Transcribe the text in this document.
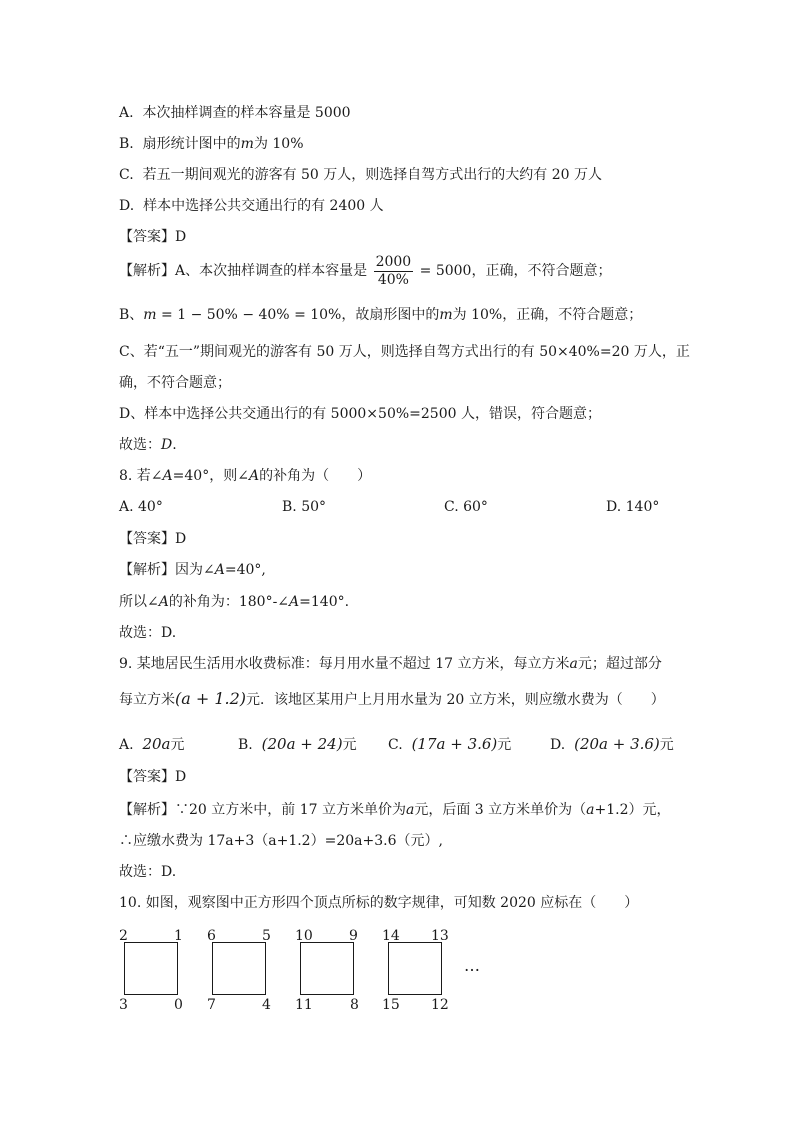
A. 本次抽样调查的样本容量是 5000
B. 扇形统计图中的m为 10%
C. 若五一期间观光的游客有 50 万人，则选择自驾方式出行的大约有 20 万人
D. 样本中选择公共交通出行的有 2400 人
【答案】D
【解析】A、本次抽样调查的样本容量是 $\frac{2000}{40\%} = 5000$，正确，不符合题意；
B、m = 1 − 50% − 40% = 10%，故扇形图中的m为 10%，正确，不符合题意；
C、若“五一”期间观光的游客有 50 万人，则选择自驾方式出行的有 50×40%=20 万人，正
确，不符合题意；
D、样本中选择公共交通出行的有 5000×50%=2500 人，错误，符合题意；
故选：D.
8. 若∠A=40°，则∠A的补角为（　　）
A. 40°	B. 50°	C. 60°	D. 140°
【答案】D
【解析】因为∠A=40°,
所以∠A的补角为：180°-∠A=140°.
故选：D.
9. 某地居民生活用水收费标准：每月用水量不超过 17 立方米，每立方米a元；超过部分
每立方米(a + 1.2)元．该地区某用户上月用水量为 20 立方米，则应缴水费为（　　）
A. 20a元	B. (20a + 24)元 C. (17a + 3.6)元	D. (20a + 3.6)元
【答案】D
【解析】∵20 立方米中，前 17 立方米单价为a元，后面 3 立方米单价为（a+1.2）元，
∴应缴水费为 17a+3（a+1.2）=20a+3.6（元）,
故选：D.
10. 如图，观察图中正方形四个顶点所标的数字规律，可知数 2020 应标在（　　）
2	1
3	0
6	5
7	4
10	9
11	8
14 13
15 12
…
